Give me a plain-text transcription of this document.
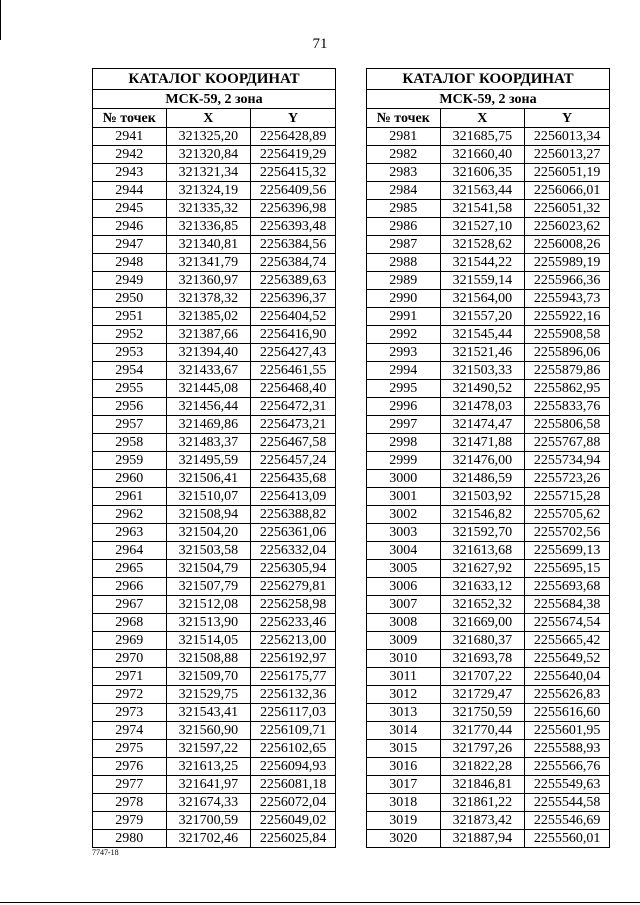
71
КАТАЛОГ КООРДИНАТ		
МСК-59, 2 зона		
№ точек	X	Y
2941	321325,20	2256428,89
2942	321320,84	2256419,29
2943	321321,34	2256415,32
2944	321324,19	2256409,56
2945	321335,32	2256396,98
2946	321336,85	2256393,48
2947	321340,81	2256384,56
2948	321341,79	2256384,74
2949	321360,97	2256389,63
2950	321378,32	2256396,37
2951	321385,02	2256404,52
2952	321387,66	2256416,90
2953	321394,40	2256427,43
2954	321433,67	2256461,55
2955	321445,08	2256468,40
2956	321456,44	2256472,31
2957	321469,86	2256473,21
2958	321483,37	2256467,58
2959	321495,59	2256457,24
2960	321506,41	2256435,68
2961	321510,07	2256413,09
2962	321508,94	2256388,82
2963	321504,20	2256361,06
2964	321503,58	2256332,04
2965	321504,79	2256305,94
2966	321507,79	2256279,81
2967	321512,08	2256258,98
2968	321513,90	2256233,46
2969	321514,05	2256213,00
2970	321508,88	2256192,97
2971	321509,70	2256175,77
2972	321529,75	2256132,36
2973	321543,41	2256117,03
2974	321560,90	2256109,71
2975	321597,22	2256102,65
2976	321613,25	2256094,93
2977	321641,97	2256081,18
2978	321674,33	2256072,04
2979	321700,59	2256049,02
2980	321702,46	2256025,84
КАТАЛОГ КООРДИНАТ		
МСК-59, 2 зона		
№ точек	X	Y
2981	321685,75	2256013,34
2982	321660,40	2256013,27
2983	321606,35	2256051,19
2984	321563,44	2256066,01
2985	321541,58	2256051,32
2986	321527,10	2256023,62
2987	321528,62	2256008,26
2988	321544,22	2255989,19
2989	321559,14	2255966,36
2990	321564,00	2255943,73
2991	321557,20	2255922,16
2992	321545,44	2255908,58
2993	321521,46	2255896,06
2994	321503,33	2255879,86
2995	321490,52	2255862,95
2996	321478,03	2255833,76
2997	321474,47	2255806,58
2998	321471,88	2255767,88
2999	321476,00	2255734,94
3000	321486,59	2255723,26
3001	321503,92	2255715,28
3002	321546,82	2255705,62
3003	321592,70	2255702,56
3004	321613,68	2255699,13
3005	321627,92	2255695,15
3006	321633,12	2255693,68
3007	321652,32	2255684,38
3008	321669,00	2255674,54
3009	321680,37	2255665,42
3010	321693,78	2255649,52
3011	321707,22	2255640,04
3012	321729,47	2255626,83
3013	321750,59	2255616,60
3014	321770,44	2255601,95
3015	321797,26	2255588,93
3016	321822,28	2255566,76
3017	321846,81	2255549,63
3018	321861,22	2255544,58
3019	321873,42	2255546,69
3020	321887,94	2255560,01
7747-18
